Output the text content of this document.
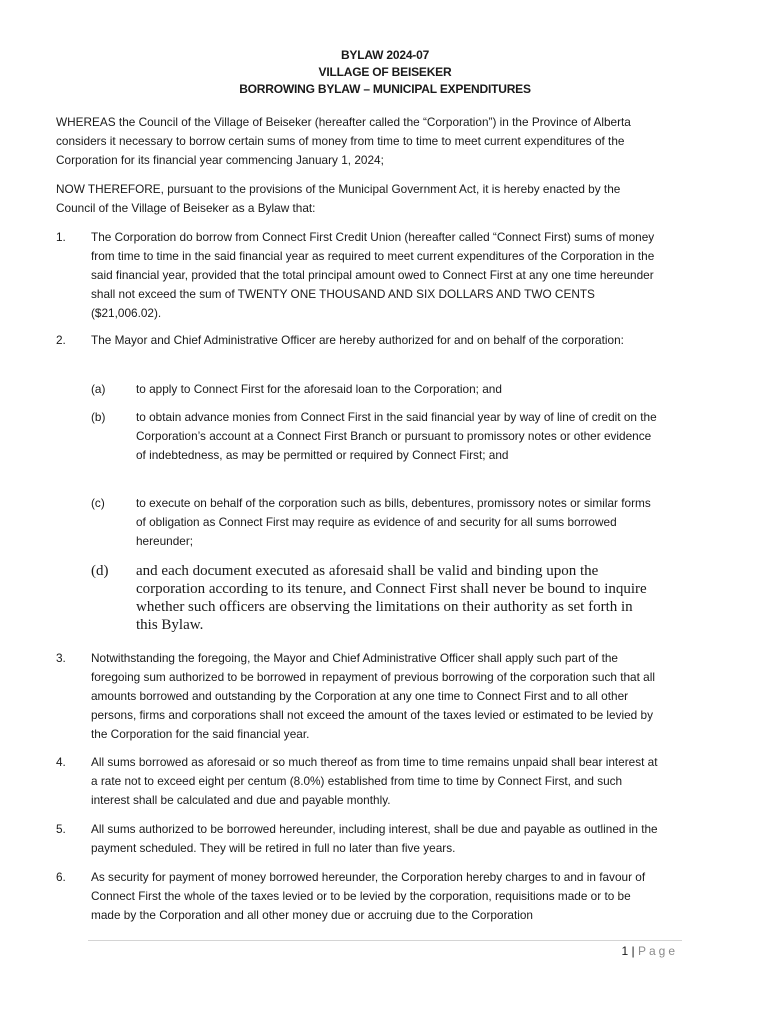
BYLAW 2024-07
VILLAGE OF BEISEKER
BORROWING BYLAW – MUNICIPAL EXPENDITURES
WHEREAS the Council of the Village of Beiseker (hereafter called the “Corporation”) in the Province of Alberta considers it necessary to borrow certain sums of money from time to time to meet current expenditures of the Corporation for its financial year commencing January 1, 2024;
NOW THEREFORE, pursuant to the provisions of the Municipal Government Act, it is hereby enacted by the Council of the Village of Beiseker as a Bylaw that:
1. The Corporation do borrow from Connect First Credit Union (hereafter called “Connect First) sums of money from time to time in the said financial year as required to meet current expenditures of the Corporation in the said financial year, provided that the total principal amount owed to Connect First at any one time hereunder shall not exceed the sum of TWENTY ONE THOUSAND AND SIX DOLLARS AND TWO CENTS ($21,006.02).
2. The Mayor and Chief Administrative Officer are hereby authorized for and on behalf of the corporation:
(a)	to apply to Connect First for the aforesaid loan to the Corporation; and
(b)	to obtain advance monies from Connect First in the said financial year by way of line of credit on the Corporation’s account at a Connect First Branch or pursuant to promissory notes or other evidence of indebtedness, as may be permitted or required by Connect First; and
(c)	to execute on behalf of the corporation such as bills, debentures, promissory notes or similar forms of obligation as Connect First may require as evidence of and security for all sums borrowed hereunder;
(d) and each document executed as aforesaid shall be valid and binding upon the corporation according to its tenure, and Connect First shall never be bound to inquire whether such officers are observing the limitations on their authority as set forth in this Bylaw.
3. Notwithstanding the foregoing, the Mayor and Chief Administrative Officer shall apply such part of the foregoing sum authorized to be borrowed in repayment of previous borrowing of the corporation such that all amounts borrowed and outstanding by the Corporation at any one time to Connect First and to all other persons, firms and corporations shall not exceed the amount of the taxes levied or estimated to be levied by the Corporation for the said financial year.
4. All sums borrowed as aforesaid or so much thereof as from time to time remains unpaid shall bear interest at a rate not to exceed eight per centum (8.0%) established from time to time by Connect First, and such interest shall be calculated and due and payable monthly.
5. All sums authorized to be borrowed hereunder, including interest, shall be due and payable as outlined in the payment scheduled. They will be retired in full no later than five years.
6. As security for payment of money borrowed hereunder, the Corporation hereby charges to and in favour of Connect First the whole of the taxes levied or to be levied by the corporation, requisitions made or to be made by the Corporation and all other money due or accruing due to the Corporation
1 | Page
